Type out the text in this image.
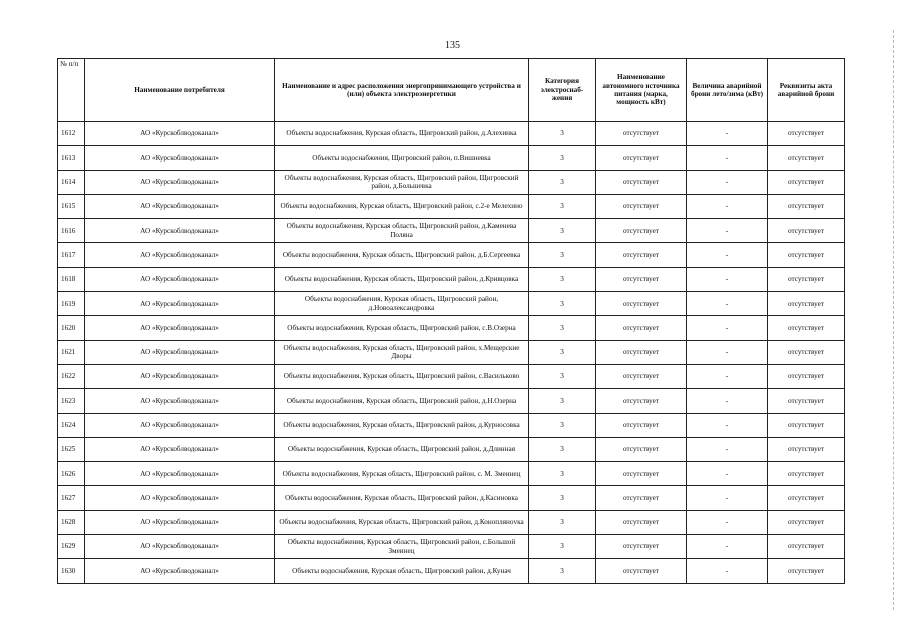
135
№ п/п	Наименование потребителя	Наименование и адрес расположения энергопринимающего устройства и (или) объекта электроэнергетики	Категория электроснаб-жения	Наименование автономного источника питания (марка, мощность кВт)	Величина аварийной брони лето/зима (кВт)	Реквизиты акта аварийной брони
1612	АО «Курскоблводоканал»	Объекты водоснабжения, Курская область, Щигровский район, д.Алехинка	3	отсутствует	-	отсутствует
1613	АО «Курскоблводоканал»	Объекты водоснабжения, Щигровский район, п.Вишневка	3	отсутствует	-	отсутствует
1614	АО «Курскоблводоканал»	Объекты водоснабжения, Курская область, Щигровский район, Щигровский район, д.Большевка	3	отсутствует	-	отсутствует
1615	АО «Курскоблводоканал»	Объекты водоснабжения, Курская область, Щигровский район, с.2-е Мелехино	3	отсутствует	-	отсутствует
1616	АО «Курскоблводоканал»	Объекты водоснабжения, Курская область, Щигровский район, д.Каменева Поляна	3	отсутствует	-	отсутствует
1617	АО «Курскоблводоканал»	Объекты водоснабжения, Курская область, Щигровский район, д.Б.Сергеевка	3	отсутствует	-	отсутствует
1618	АО «Курскоблводоканал»	Объекты водоснабжения, Курская область, Щигровский район, д.Кривцовка	3	отсутствует	-	отсутствует
1619	АО «Курскоблводоканал»	Объекты водоснабжения, Курская область, Щигровский район, д.Новоалександровка	3	отсутствует	-	отсутствует
1620	АО «Курскоблводоканал»	Объекты водоснабжения, Курская область, Щигровский район, с.В.Озерна	3	отсутствует	-	отсутствует
1621	АО «Курскоблводоканал»	Объекты водоснабжения, Курская область, Щигровский район, х.Мещерские Дворы	3	отсутствует	-	отсутствует
1622	АО «Курскоблводоканал»	Объекты водоснабжения, Курская область, Щигровский район, с.Васильково	3	отсутствует	-	отсутствует
1623	АО «Курскоблводоканал»	Объекты водоснабжения, Курская область, Щигровский район, д.Н.Озерна	3	отсутствует	-	отсутствует
1624	АО «Курскоблводоканал»	Объекты водоснабжения, Курская область, Щигровский район, д.Курносовка	3	отсутствует	-	отсутствует
1625	АО «Курскоблводоканал»	Объекты водоснабжения, Курская область, Щигровский район, д.Длинная	3	отсутствует	-	отсутствует
1626	АО «Курскоблводоканал»	Объекты водоснабжения, Курская область, Щигровский район, с. М. Змеинец	3	отсутствует	-	отсутствует
1627	АО «Курскоблводоканал»	Объекты водоснабжения, Курская область, Щигровский район, д.Касиновка	3	отсутствует	-	отсутствует
1628	АО «Курскоблводоканал»	Объекты водоснабжения, Курская область, Щигровский район, д.Коноплянovка	3	отсутствует	-	отсутствует
1629	АО «Курскоблводоканал»	Объекты водоснабжения, Курская область, Щигровский район, с.Большой Змеинец	3	отсутствует	-	отсутствует
1630	АО «Курскоблводоканал»	Объекты водоснабжения, Курская область, Щигровский район, д.Кунач	3	отсутствует	-	отсутствует
